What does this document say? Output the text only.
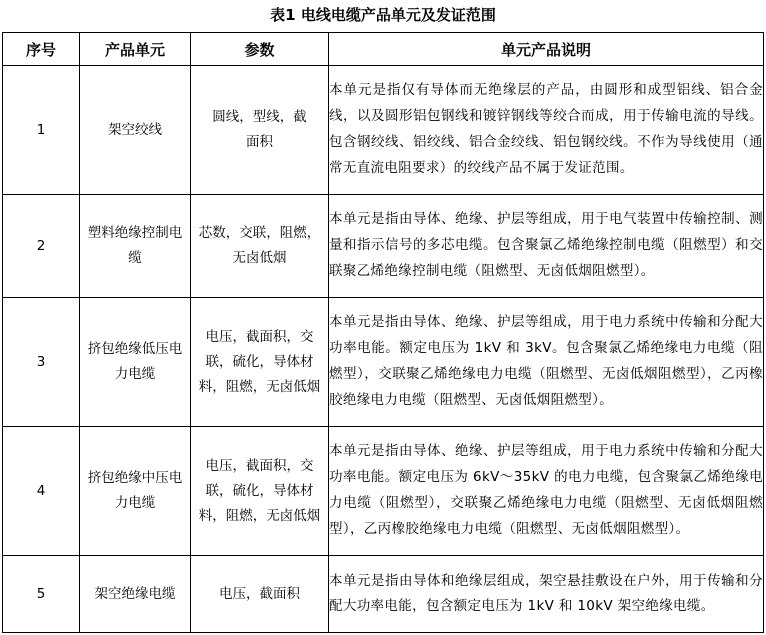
表1 电线电缆产品单元及发证范围
序号	产品单元	参数	单元产品说明
1	架空绞线	圆线，型线，截面积	本单元是指仅有导体而无绝缘层的产品，由圆形和成型铝线、铝合金线，以及圆形铝包钢线和镀锌钢线等绞合而成，用于传输电流的导线。包含钢绞线、铝绞线、铝合金绞线、铝包钢绞线。不作为导线使用（通常无直流电阻要求）的绞线产品不属于发证范围。
2	塑料绝缘控制电缆	芯数，交联，阻燃，无卤低烟	本单元是指由导体、绝缘、护层等组成，用于电气装置中传输控制、测量和指示信号的多芯电缆。包含聚氯乙烯绝缘控制电缆（阻燃型）和交联聚乙烯绝缘控制电缆（阻燃型、无卤低烟阻燃型）。
3	挤包绝缘低压电力电缆	电压，截面积，交联，硫化，导体材料，阻燃，无卤低烟	本单元是指由导体、绝缘、护层等组成，用于电力系统中传输和分配大功率电能。额定电压为 1kV 和 3kV。包含聚氯乙烯绝缘电力电缆（阻燃型），交联聚乙烯绝缘电力电缆（阻燃型、无卤低烟阻燃型），乙丙橡胶绝缘电力电缆（阻燃型、无卤低烟阻燃型）。
4	挤包绝缘中压电力电缆	电压，截面积，交联，硫化，导体材料，阻燃，无卤低烟	本单元是指由导体、绝缘、护层等组成，用于电力系统中传输和分配大功率电能。额定电压为 6kV～35kV 的电力电缆，包含聚氯乙烯绝缘电力电缆（阻燃型），交联聚乙烯绝缘电力电缆（阻燃型、无卤低烟阻燃型），乙丙橡胶绝缘电力电缆（阻燃型、无卤低烟阻燃型）。
5	架空绝缘电缆	电压，截面积	本单元是指由导体和绝缘层组成，架空悬挂敷设在户外，用于传输和分配大功率电能，包含额定电压为 1kV 和 10kV 架空绝缘电缆。
